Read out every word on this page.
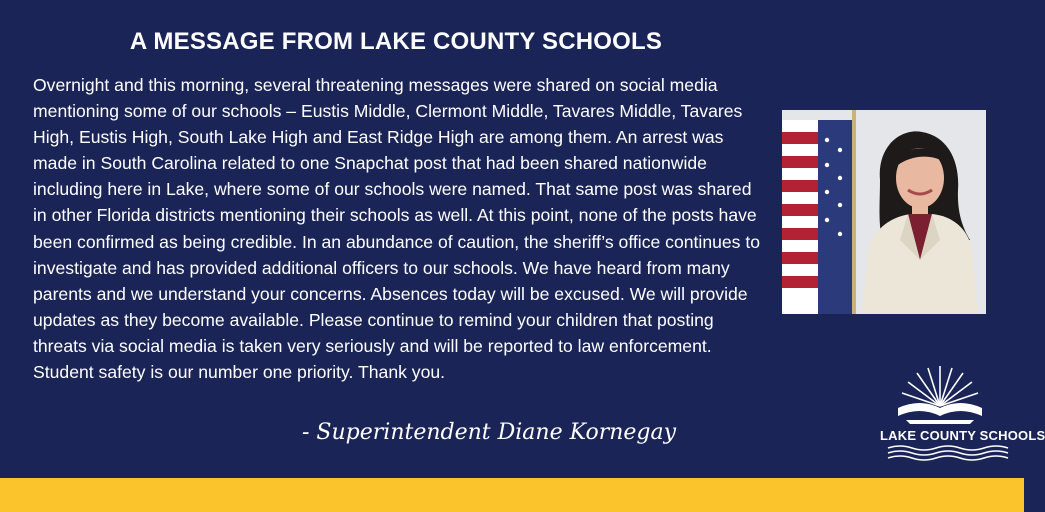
A MESSAGE FROM LAKE COUNTY SCHOOLS

Overnight and this morning, several threatening messages were shared on social media mentioning some of our schools – Eustis Middle, Clermont Middle, Tavares Middle, Tavares High, Eustis High, South Lake High and East Ridge High are among them. An arrest was made in South Carolina related to one Snapchat post that had been shared nationwide including here in Lake, where some of our schools were named. That same post was shared in other Florida districts mentioning their schools as well. At this point, none of the posts have been confirmed as being credible. In an abundance of caution, the sheriff’s office continues to investigate and has provided additional officers to our schools. We have heard from many parents and we understand your concerns. Absences today will be excused. We will provide updates as they become available. Please continue to remind your children that posting threats via social media is taken very seriously and will be reported to law enforcement. Student safety is our number one priority. Thank you.

- Superintendent Diane Kornegay	LAKE COUNTY SCHOOLS
